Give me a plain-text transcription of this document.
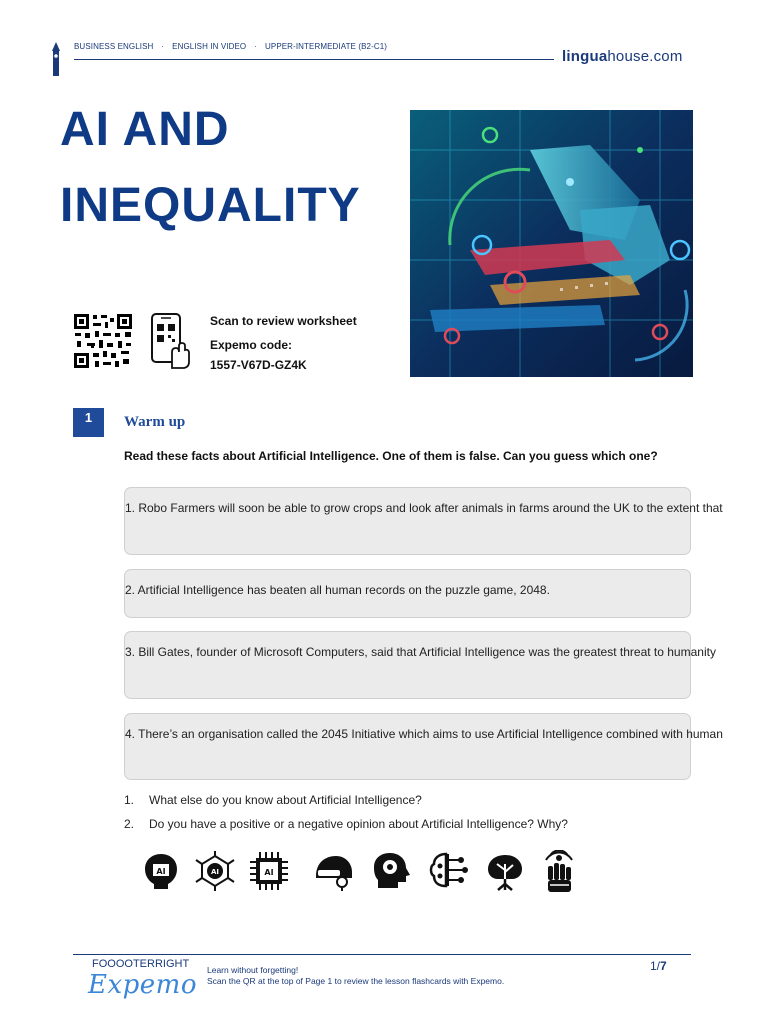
BUSINESS ENGLISH · ENGLISH IN VIDEO · UPPER-INTERMEDIATE (B2-C1)
linguahouse.com
AI AND
INEQUALITY
Scan to review worksheet
Expemo code:
1557-V67D-GZ4K
1	Warm up
Read these facts about Artificial Intelligence. One of them is false. Can you guess which one?
1. Robo Farmers will soon be able to grow crops and look after animals in farms around the UK to the extent that
2. Artificial Intelligence has beaten all human records on the puzzle game, 2048.
3. Bill Gates, founder of Microsoft Computers, said that Artificial Intelligence was the greatest threat to humanity
4. There’s an organisation called the 2045 Initiative which aims to use Artificial Intelligence combined with human
1. What else do you know about Artificial Intelligence?
2. Do you have a positive or a negative opinion about Artificial Intelligence? Why?
AI	AI	AI
FOOOOTERRIGHT
Expemo Learn without forgetting!
Scan the QR at the top of Page 1 to review the lesson flashcards with Expemo.
1/7
